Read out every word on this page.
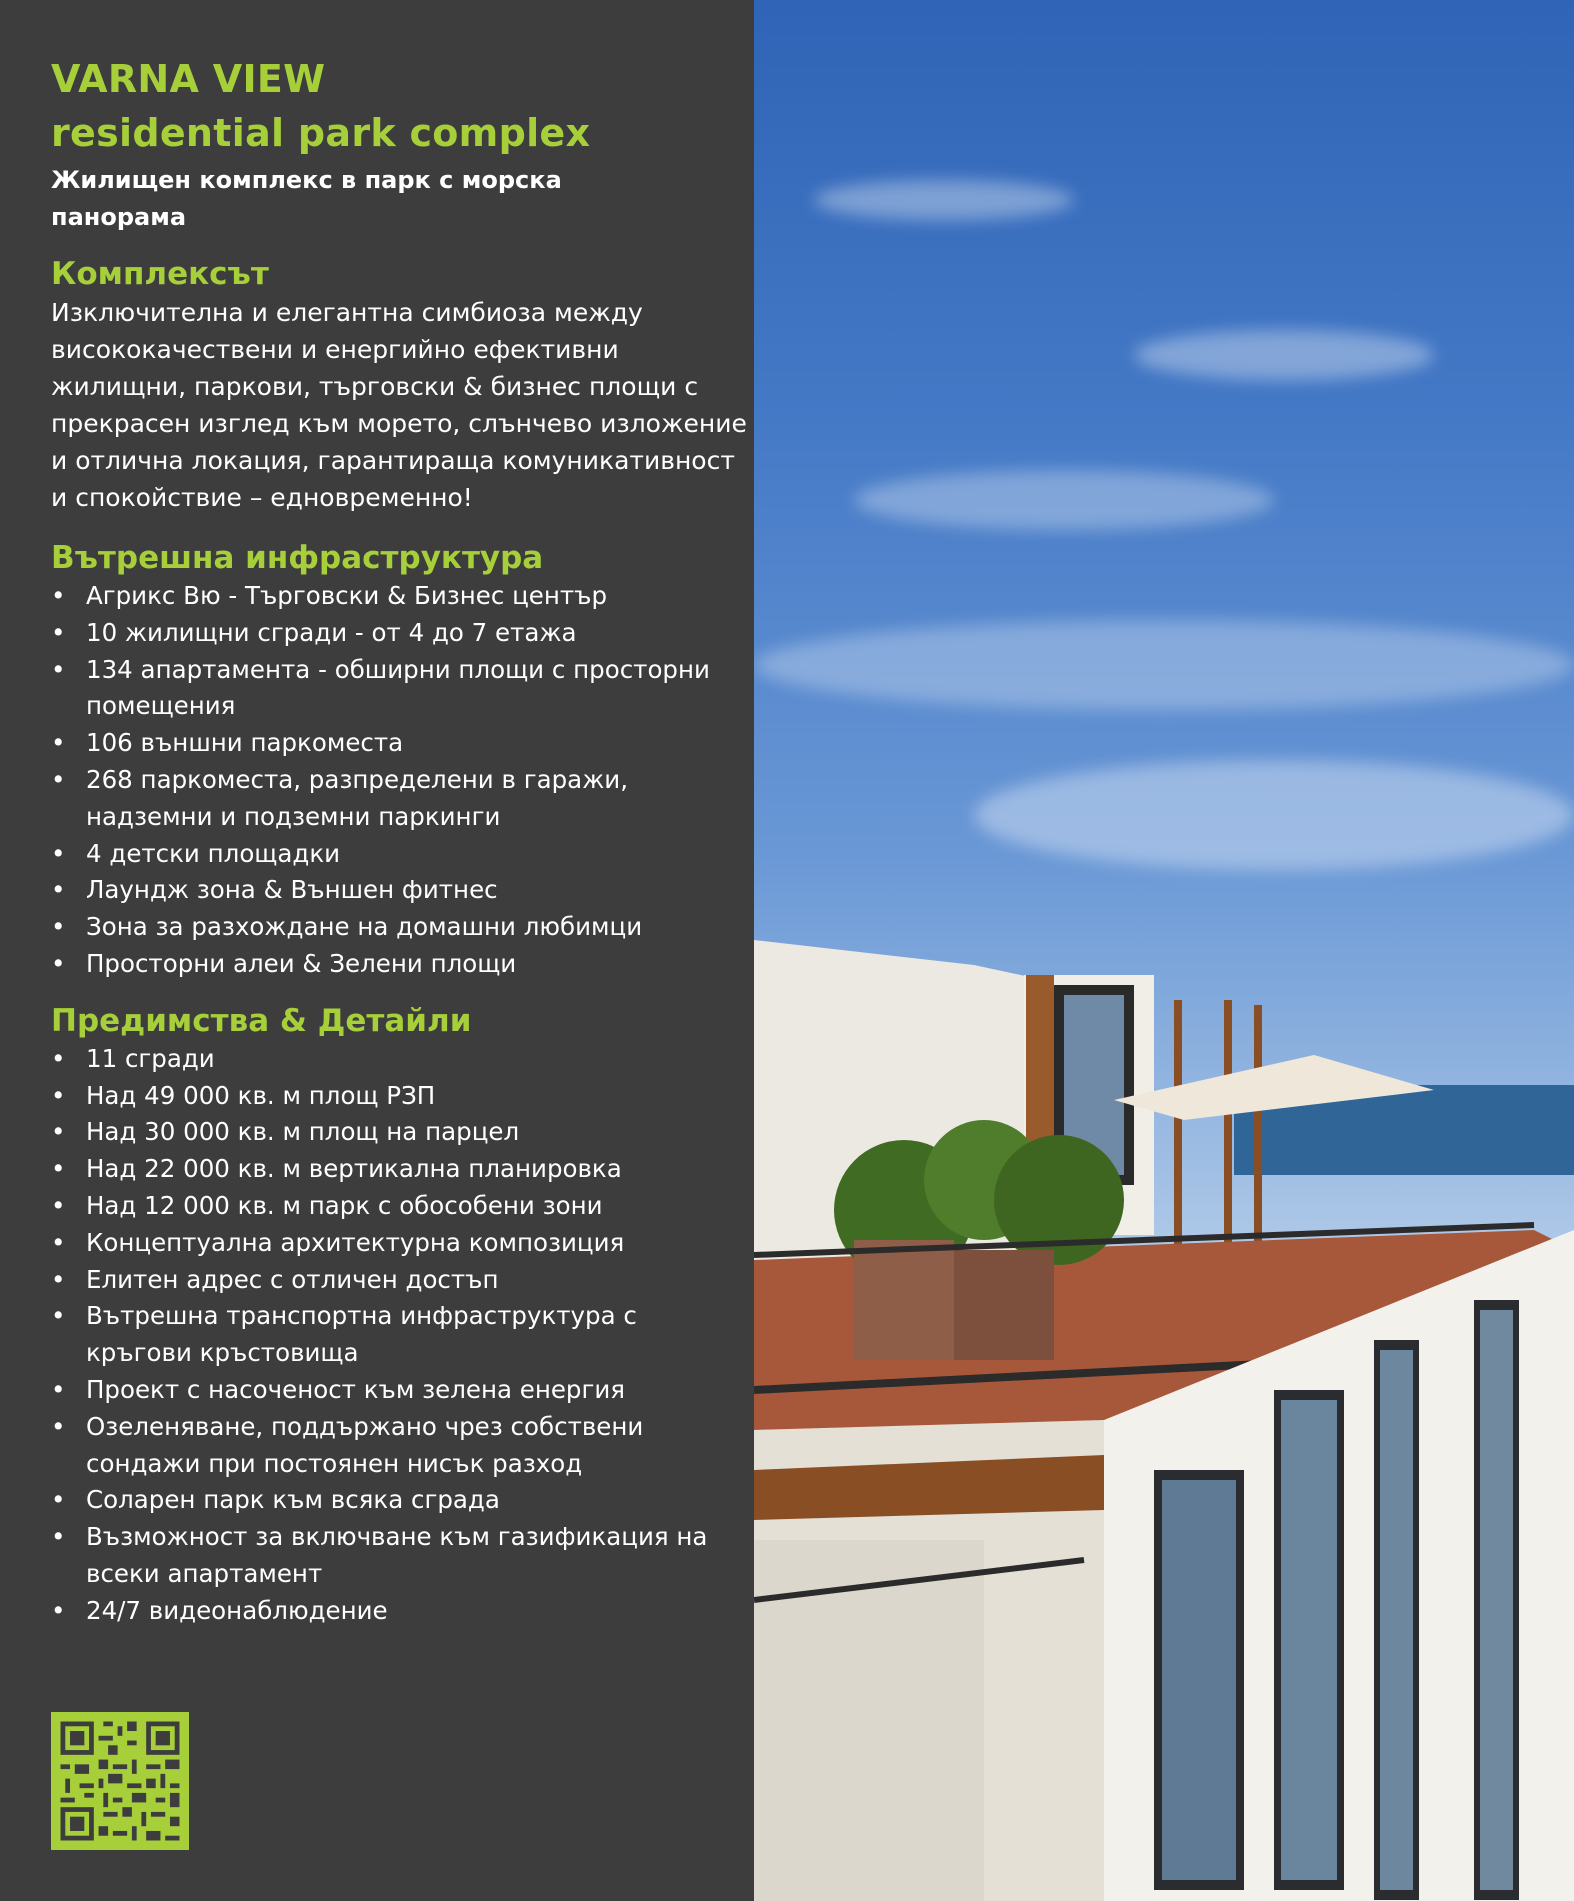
VARNA VIEW
residential park complex

Жилищен комплекс в парк с морска панорама

Комплексът

Изключителна и елегантна симбиоза между висококачествени и енергийно ефективни жилищни, паркови, търговски & бизнес площи с прекрасен изглед към морето, слънчево изложение и отлична локация, гарантираща комуникативност и спокойствие – едновременно!

Вътрешна инфраструктура
• Агрикс Вю - Търговски & Бизнес център
• 10 жилищни сгради - от 4 до 7 етажа
• 134 апартамента - обширни площи с просторни помещения
• 106 външни паркоместа
• 268 паркоместа, разпределени в гаражи, надземни и подземни паркинги
• 4 детски площадки
• Лаундж зона & Външен фитнес
• Зона за разхождане на домашни любимци
• Просторни алеи & Зелени площи
Предимства & Детайли
• 11 сгради
• Над 49 000 кв. м площ РЗП
• Над 30 000 кв. м площ на парцел
• Над 22 000 кв. м вертикална планировка
• Над 12 000 кв. м парк с обособени зони
• Концептуална архитектурна композиция
• Елитен адрес с отличен достъп
• Вътрешна транспортна инфраструктура с кръгови кръстовища
• Проект с насоченост към зелена енергия
• Озеленяване, поддържано чрез собствени сондажи при постоянен нисък разход
• Соларен парк към всяка сграда
• Възможност за включване към газификация на всеки апартамент
• 24/7 видеонаблюдение
